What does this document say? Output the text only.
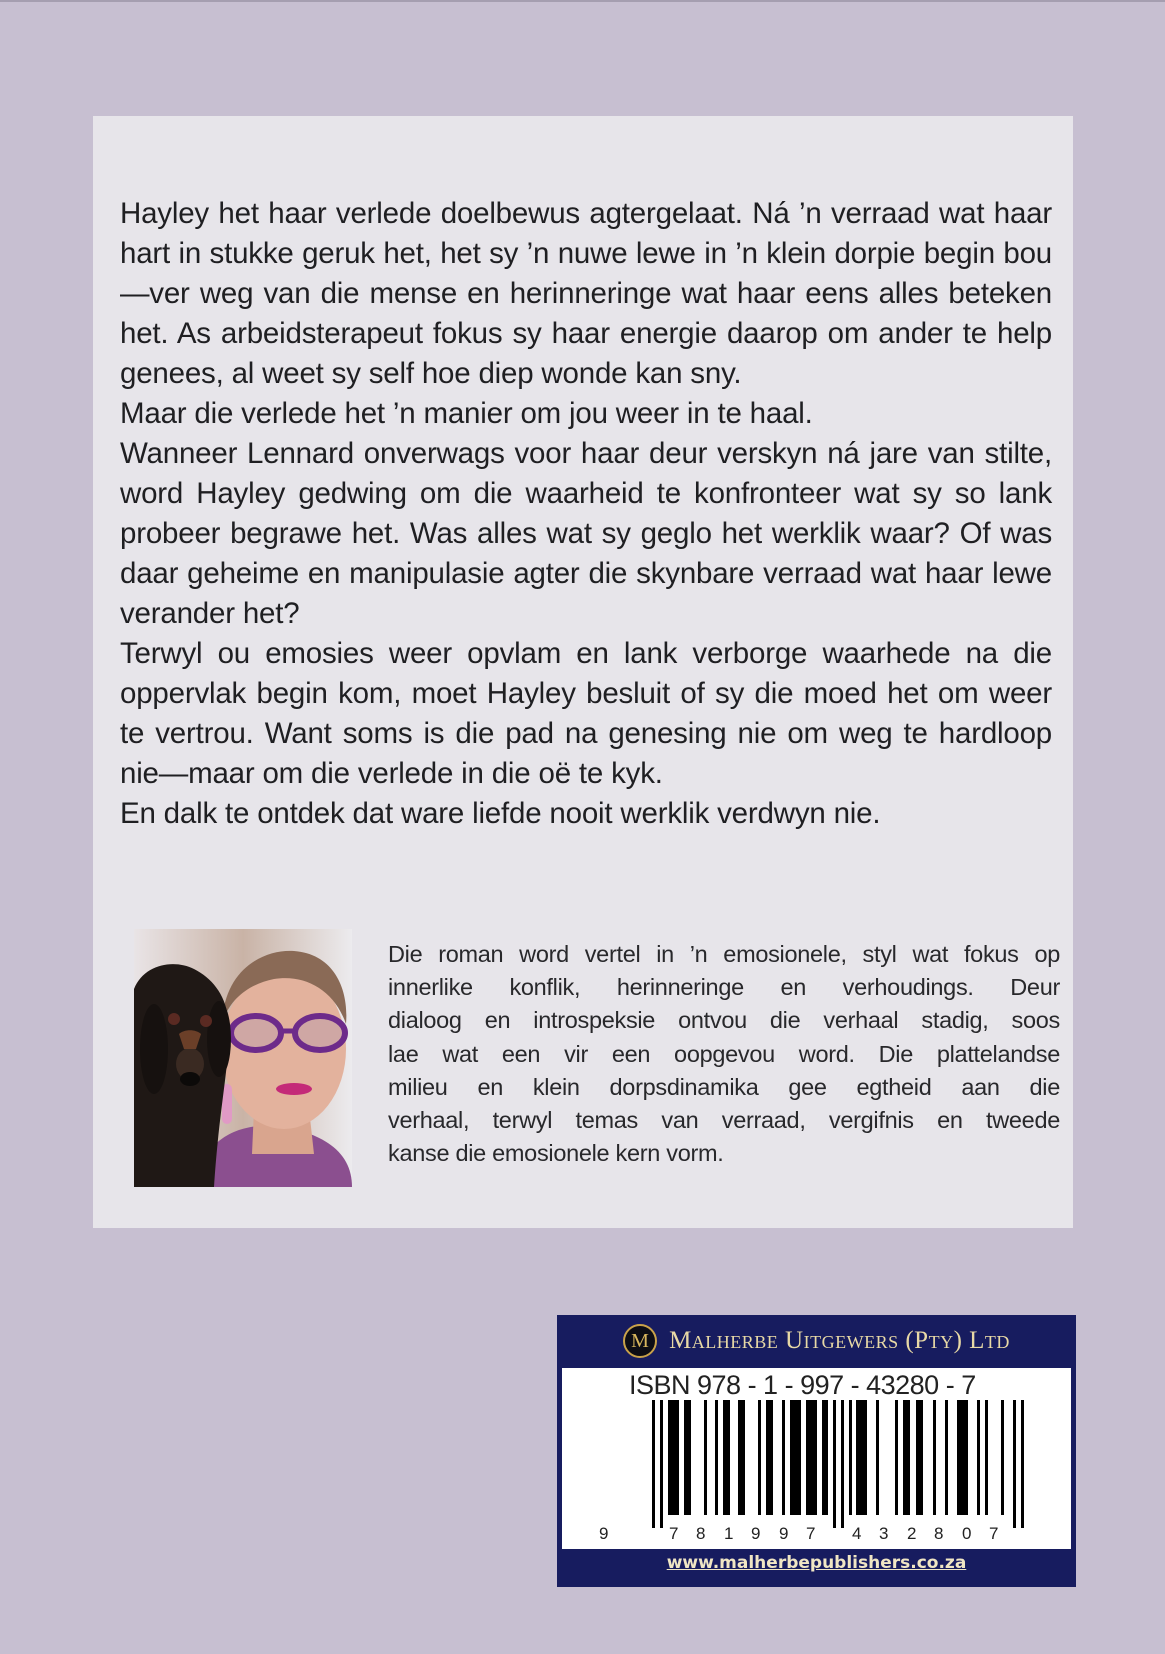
Hayley het haar verlede doelbewus agtergelaat. Ná ’n verraad wat haar hart in stukke geruk het, het sy ’n nuwe lewe in ’n klein dorpie begin bou—ver weg van die mense en herinneringe wat haar eens alles beteken het. As arbeidsterapeut fokus sy haar energie daarop om ander te help genees, al weet sy self hoe diep wonde kan sny.

Maar die verlede het ’n manier om jou weer in te haal.

Wanneer Lennard onverwags voor haar deur verskyn ná jare van stilte, word Hayley gedwing om die waarheid te konfronteer wat sy so lank probeer begrawe het. Was alles wat sy geglo het werklik waar? Of was daar geheime en manipulasie agter die skynbare verraad wat haar lewe verander het?

Terwyl ou emosies weer opvlam en lank verborge waarhede na die oppervlak begin kom, moet Hayley besluit of sy die moed het om weer te vertrou. Want soms is die pad na genesing nie om weg te hardloop nie—maar om die verlede in die oë te kyk.

En dalk te ontdek dat ware liefde nooit werklik verdwyn nie.

Die roman word vertel in ’n emosionele, styl wat fokus op
innerlike konflik, herinneringe en verhoudings. Deur
dialoog en introspeksie ontvou die verhaal stadig, soos
lae wat een vir een oopgevou word. Die plattelandse
milieu en klein dorpsdinamika gee egtheid aan die
verhaal, terwyl temas van verraad, vergifnis en tweede
kanse die emosionele kern vorm.
M Malherbe Uitgewers (Pty) Ltd
ISBN 978 - 1 - 997 - 43280 - 7
9	7 8 1 9 9 7 4 3 2 8 0 7
www.malherbepublishers.co.za
